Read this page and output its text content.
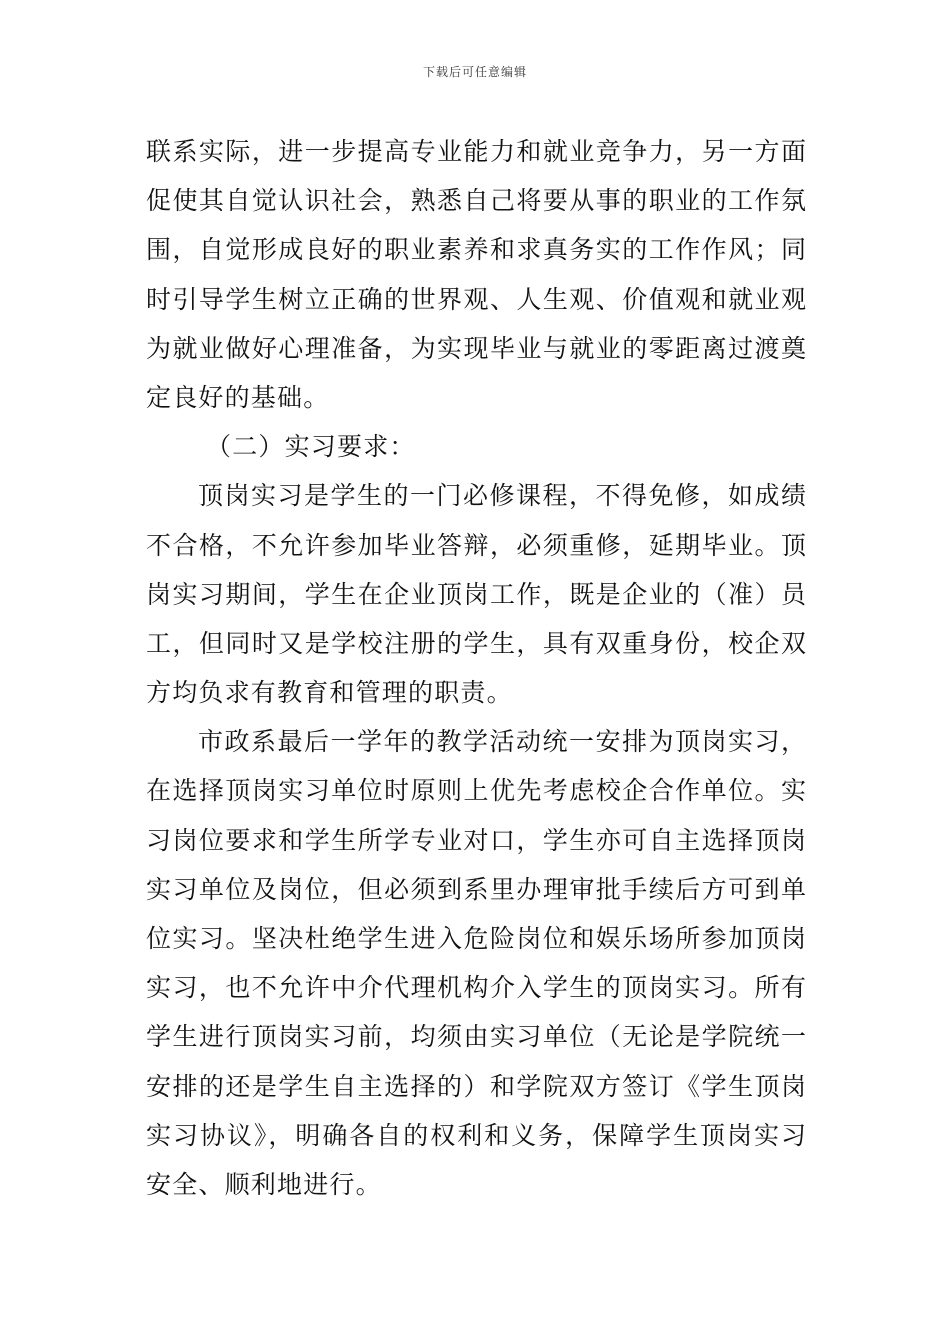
下载后可任意编辑
联系实际，进一步提高专业能力和就业竞争力，另一方面
促使其自觉认识社会，熟悉自己将要从事的职业的工作氛
围，自觉形成良好的职业素养和求真务实的工作作风；同
时引导学生树立正确的世界观、人生观、价值观和就业观
为就业做好心理准备，为实现毕业与就业的零距离过渡奠
定良好的基础。
（二）实习要求：
顶岗实习是学生的一门必修课程，不得免修，如成绩
不合格，不允许参加毕业答辩，必须重修，延期毕业。顶
岗实习期间，学生在企业顶岗工作，既是企业的（准）员
工，但同时又是学校注册的学生，具有双重身份，校企双
方均负求有教育和管理的职责。
市政系最后一学年的教学活动统一安排为顶岗实习，
在选择顶岗实习单位时原则上优先考虑校企合作单位。实
习岗位要求和学生所学专业对口，学生亦可自主选择顶岗
实习单位及岗位，但必须到系里办理审批手续后方可到单
位实习。坚决杜绝学生进入危险岗位和娱乐场所参加顶岗
实习，也不允许中介代理机构介入学生的顶岗实习。所有
学生进行顶岗实习前，均须由实习单位（无论是学院统一
安排的还是学生自主选择的）和学院双方签订《学生顶岗
实习协议》，明确各自的权利和义务，保障学生顶岗实习
安全、顺利地进行。
